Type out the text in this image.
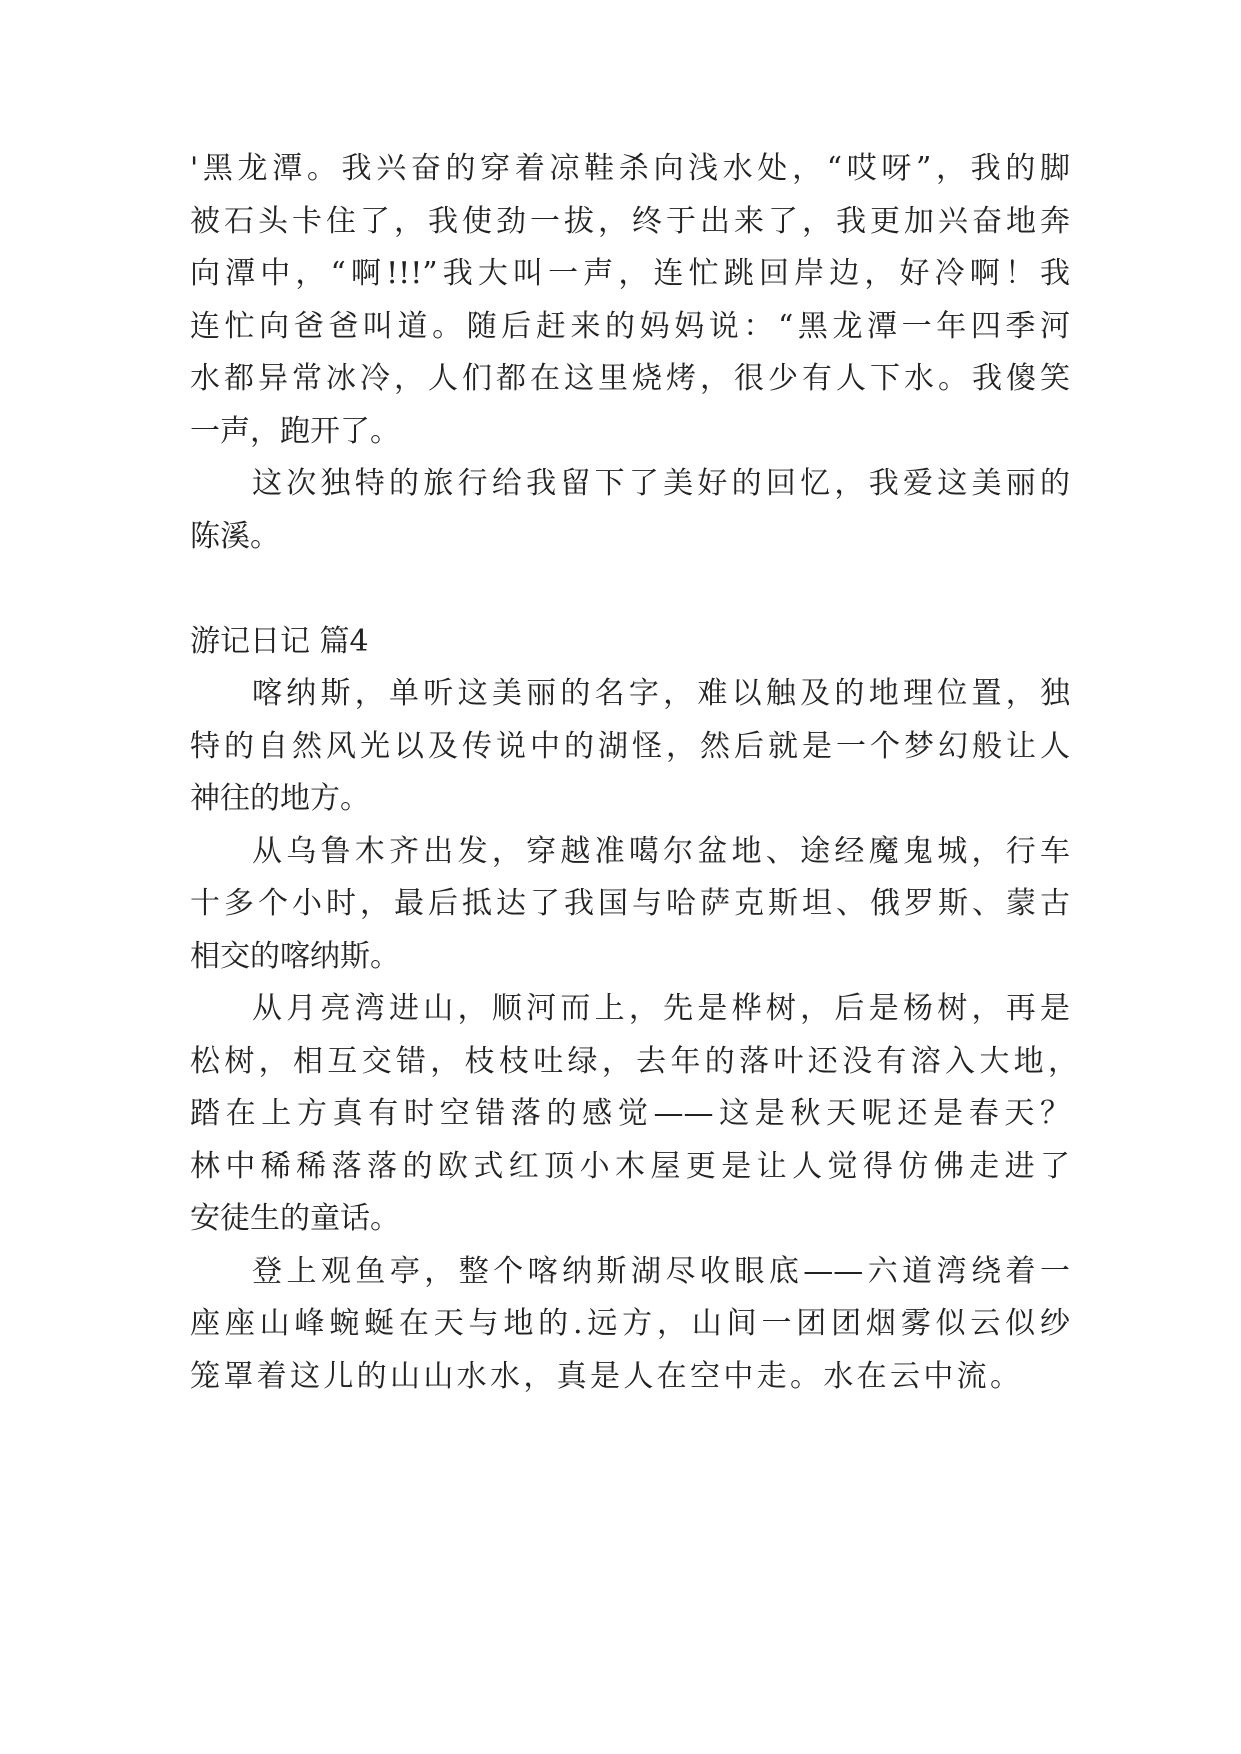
'黑龙潭。我兴奋的穿着凉鞋杀向浅水处，“哎呀”，我的脚
被石头卡住了，我使劲一拔，终于出来了，我更加兴奋地奔
向潭中，“啊!!!”我大叫一声，连忙跳回岸边，好冷啊！我
连忙向爸爸叫道。随后赶来的妈妈说：“黑龙潭一年四季河
水都异常冰冷，人们都在这里烧烤，很少有人下水。我傻笑
一声，跑开了。
这次独特的旅行给我留下了美好的回忆，我爱这美丽的
陈溪。
游记日记 篇4
喀纳斯，单听这美丽的名字，难以触及的地理位置，独
特的自然风光以及传说中的湖怪，然后就是一个梦幻般让人
神往的地方。
从乌鲁木齐出发，穿越准噶尔盆地、途经魔鬼城，行车
十多个小时，最后抵达了我国与哈萨克斯坦、俄罗斯、蒙古
相交的喀纳斯。
从月亮湾进山，顺河而上，先是桦树，后是杨树，再是
松树，相互交错，枝枝吐绿，去年的落叶还没有溶入大地，
踏在上方真有时空错落的感觉——这是秋天呢还是春天？
林中稀稀落落的欧式红顶小木屋更是让人觉得仿佛走进了
安徒生的童话。
登上观鱼亭，整个喀纳斯湖尽收眼底——六道湾绕着一
座座山峰蜿蜒在天与地的.远方，山间一团团烟雾似云似纱
笼罩着这儿的山山水水，真是人在空中走。水在云中流。
